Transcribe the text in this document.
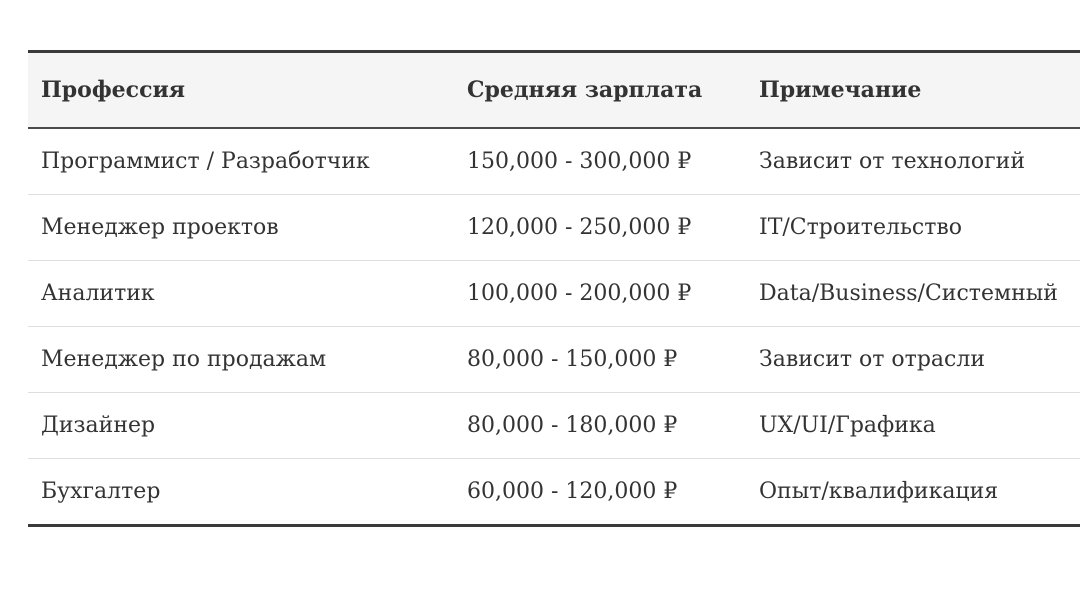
Профессия	Средняя зарплата	Примечание
Программист / Разработчик	150,000 - 300,000 ₽	Зависит от технологий
Менеджер проектов	120,000 - 250,000 ₽	IT/Строительство
Аналитик	100,000 - 200,000 ₽	Data/Business/Системный
Менеджер по продажам	80,000 - 150,000 ₽	Зависит от отрасли
Дизайнер	80,000 - 180,000 ₽	UX/UI/Графика
Бухгалтер	60,000 - 120,000 ₽	Опыт/квалификация
